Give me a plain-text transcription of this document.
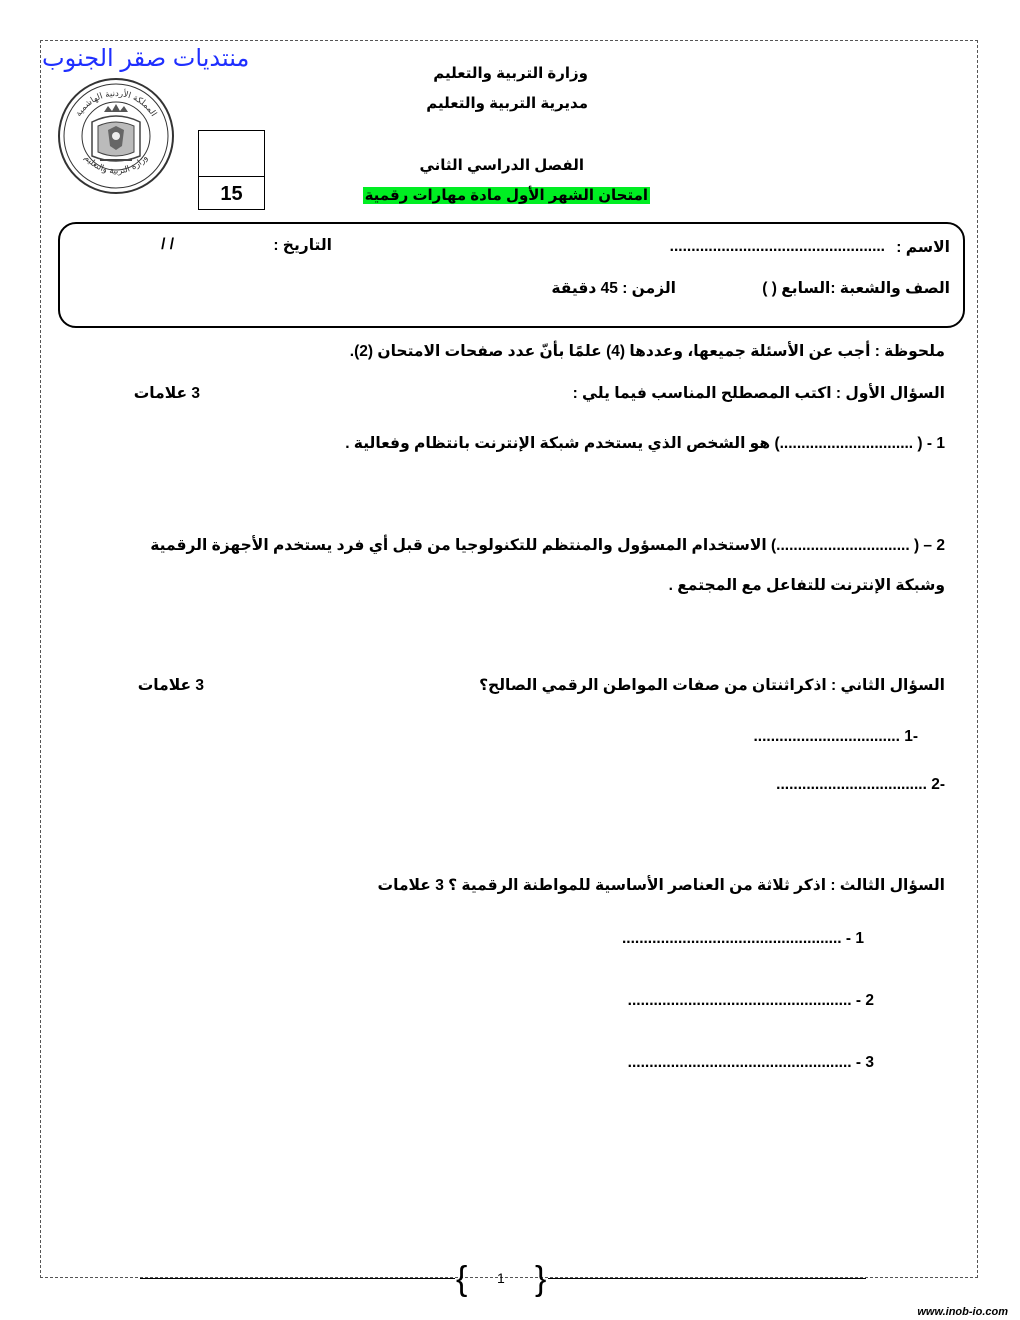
منتديات صقر الجنوب
المملكة الأردنية الهاشمية
وزارة التربية والتعليم
وزارة التربية والتعليم
مديرية التربية والتعليم
الفصل الدراسي الثاني
امتحان الشهر الأول مادة مهارات رقمية
15
الاسم :
..................................................
التاريخ :
/ /
الصف والشعبة :السابع ( )
الزمن : 45 دقيقة
ملحوظة : أجب عن الأسئلة جميعها، وعددها (4) علمًا بأنّ عدد صفحات الامتحان (2).
السؤال الأول : اكتب المصطلح المناسب فيما يلي :
3 علامات
1 - ( ...............................) هو الشخص الذي يستخدم شبكة الإنترنت بانتظام وفعالية .
2 – ( ...............................) الاستخدام المسؤول والمنتظم للتكنولوجيا من قبل أي فرد يستخدم الأجهزة الرقمية
وشبكة الإنترنت للتفاعل مع المجتمع .
السؤال الثاني : اذكراثنتان من صفات المواطن الرقمي الصالح؟
3 علامات
-1 ..................................
-2 ...................................
السؤال الثالث : اذكر ثلاثة من العناصر الأساسية للمواطنة الرقمية ؟ 3 علامات
1 - ...................................................
2 - ....................................................
3 - ....................................................
{ }
1
www.inob-io.com
